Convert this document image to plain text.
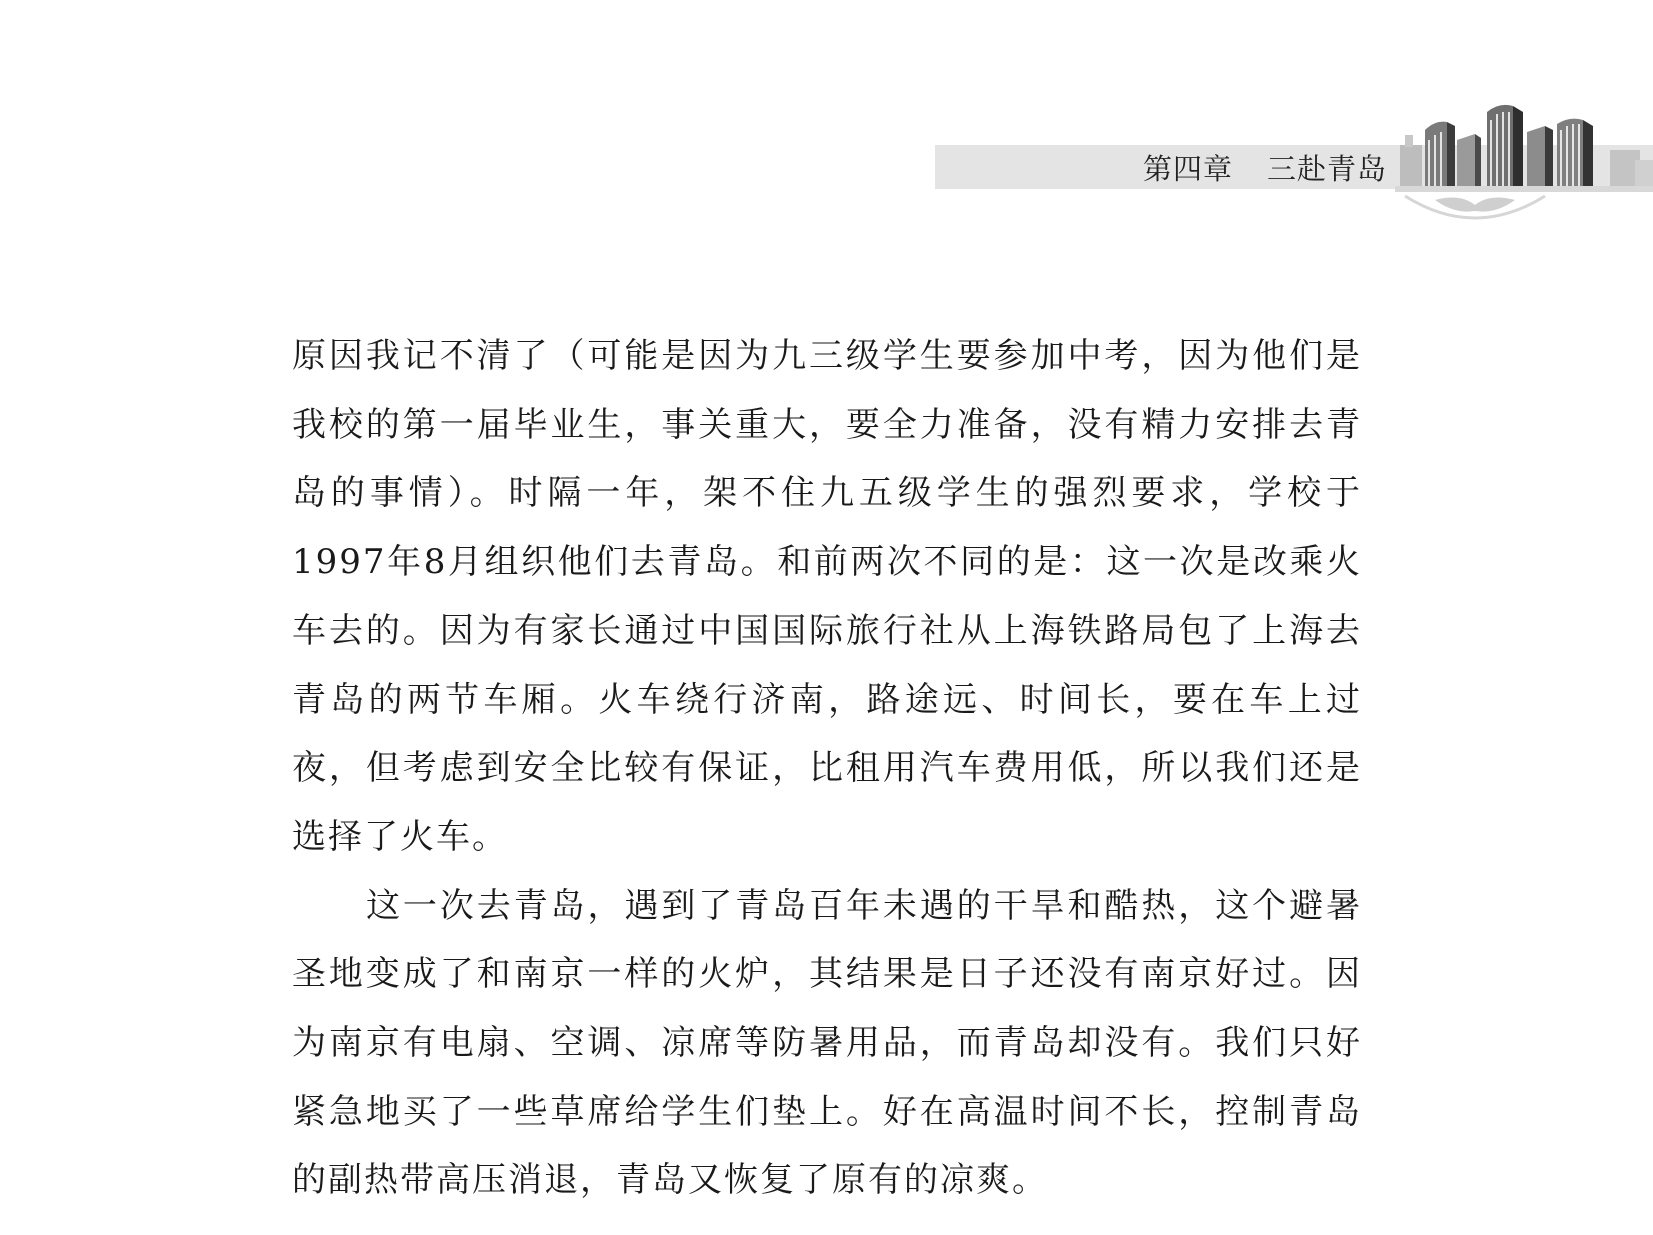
第四章 三赴青岛

原因我记不清了（可能是因为九三级学生要参加中考，因为他们是我校的第一届毕业生，事关重大，要全力准备，没有精力安排去青岛的事情）。时隔一年，架不住九五级学生的强烈要求，学校于1997年8月组织他们去青岛。和前两次不同的是：这一次是改乘火车去的。因为有家长通过中国国际旅行社从上海铁路局包了上海去青岛的两节车厢。火车绕行济南，路途远、时间长，要在车上过夜，但考虑到安全比较有保证，比租用汽车费用低，所以我们还是选择了火车。

这一次去青岛，遇到了青岛百年未遇的干旱和酷热，这个避暑圣地变成了和南京一样的火炉，其结果是日子还没有南京好过。因为南京有电扇、空调、凉席等防暑用品，而青岛却没有。我们只好紧急地买了一些草席给学生们垫上。好在高温时间不长，控制青岛的副热带高压消退，青岛又恢复了原有的凉爽。
